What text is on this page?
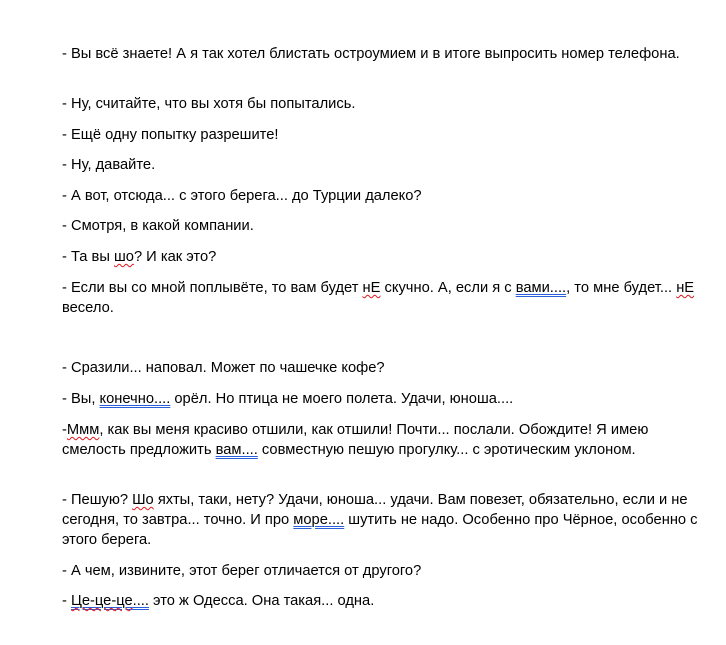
- Вы всё знаете! А я так хотел блистать остроумием и в итоге выпросить номер телефона.

- Ну, считайте, что вы хотя бы попытались.

- Ещё одну попытку разрешите!

- Ну, давайте.

- А вот, отсюда... с этого берега... до Турции далеко?

- Смотря, в какой компании.

- Та вы шо? И как это?

- Если вы со мной поплывёте, то вам будет нЕ скучно. А, если я с вами...., то мне будет... нЕ весело.

- Сразили... наповал. Может по чашечке кофе?

- Вы, конечно.... орёл. Но птица не моего полета. Удачи, юноша....

-Ммм, как вы меня красиво отшили, как отшили! Почти... послали. Обождите! Я имею смелость предложить вам.... совместную пешую прогулку... с эротическим уклоном.

- Пешую? Шо яхты, таки, нету? Удачи, юноша... удачи. Вам повезет, обязательно, если и не сегодня, то завтра... точно. И про море.... шутить не надо. Особенно про Чёрное, особенно с этого берега.

- А чем, извините, этот берег отличается от другого?

- Це-це-це.... это ж Одесса. Она такая... одна.
